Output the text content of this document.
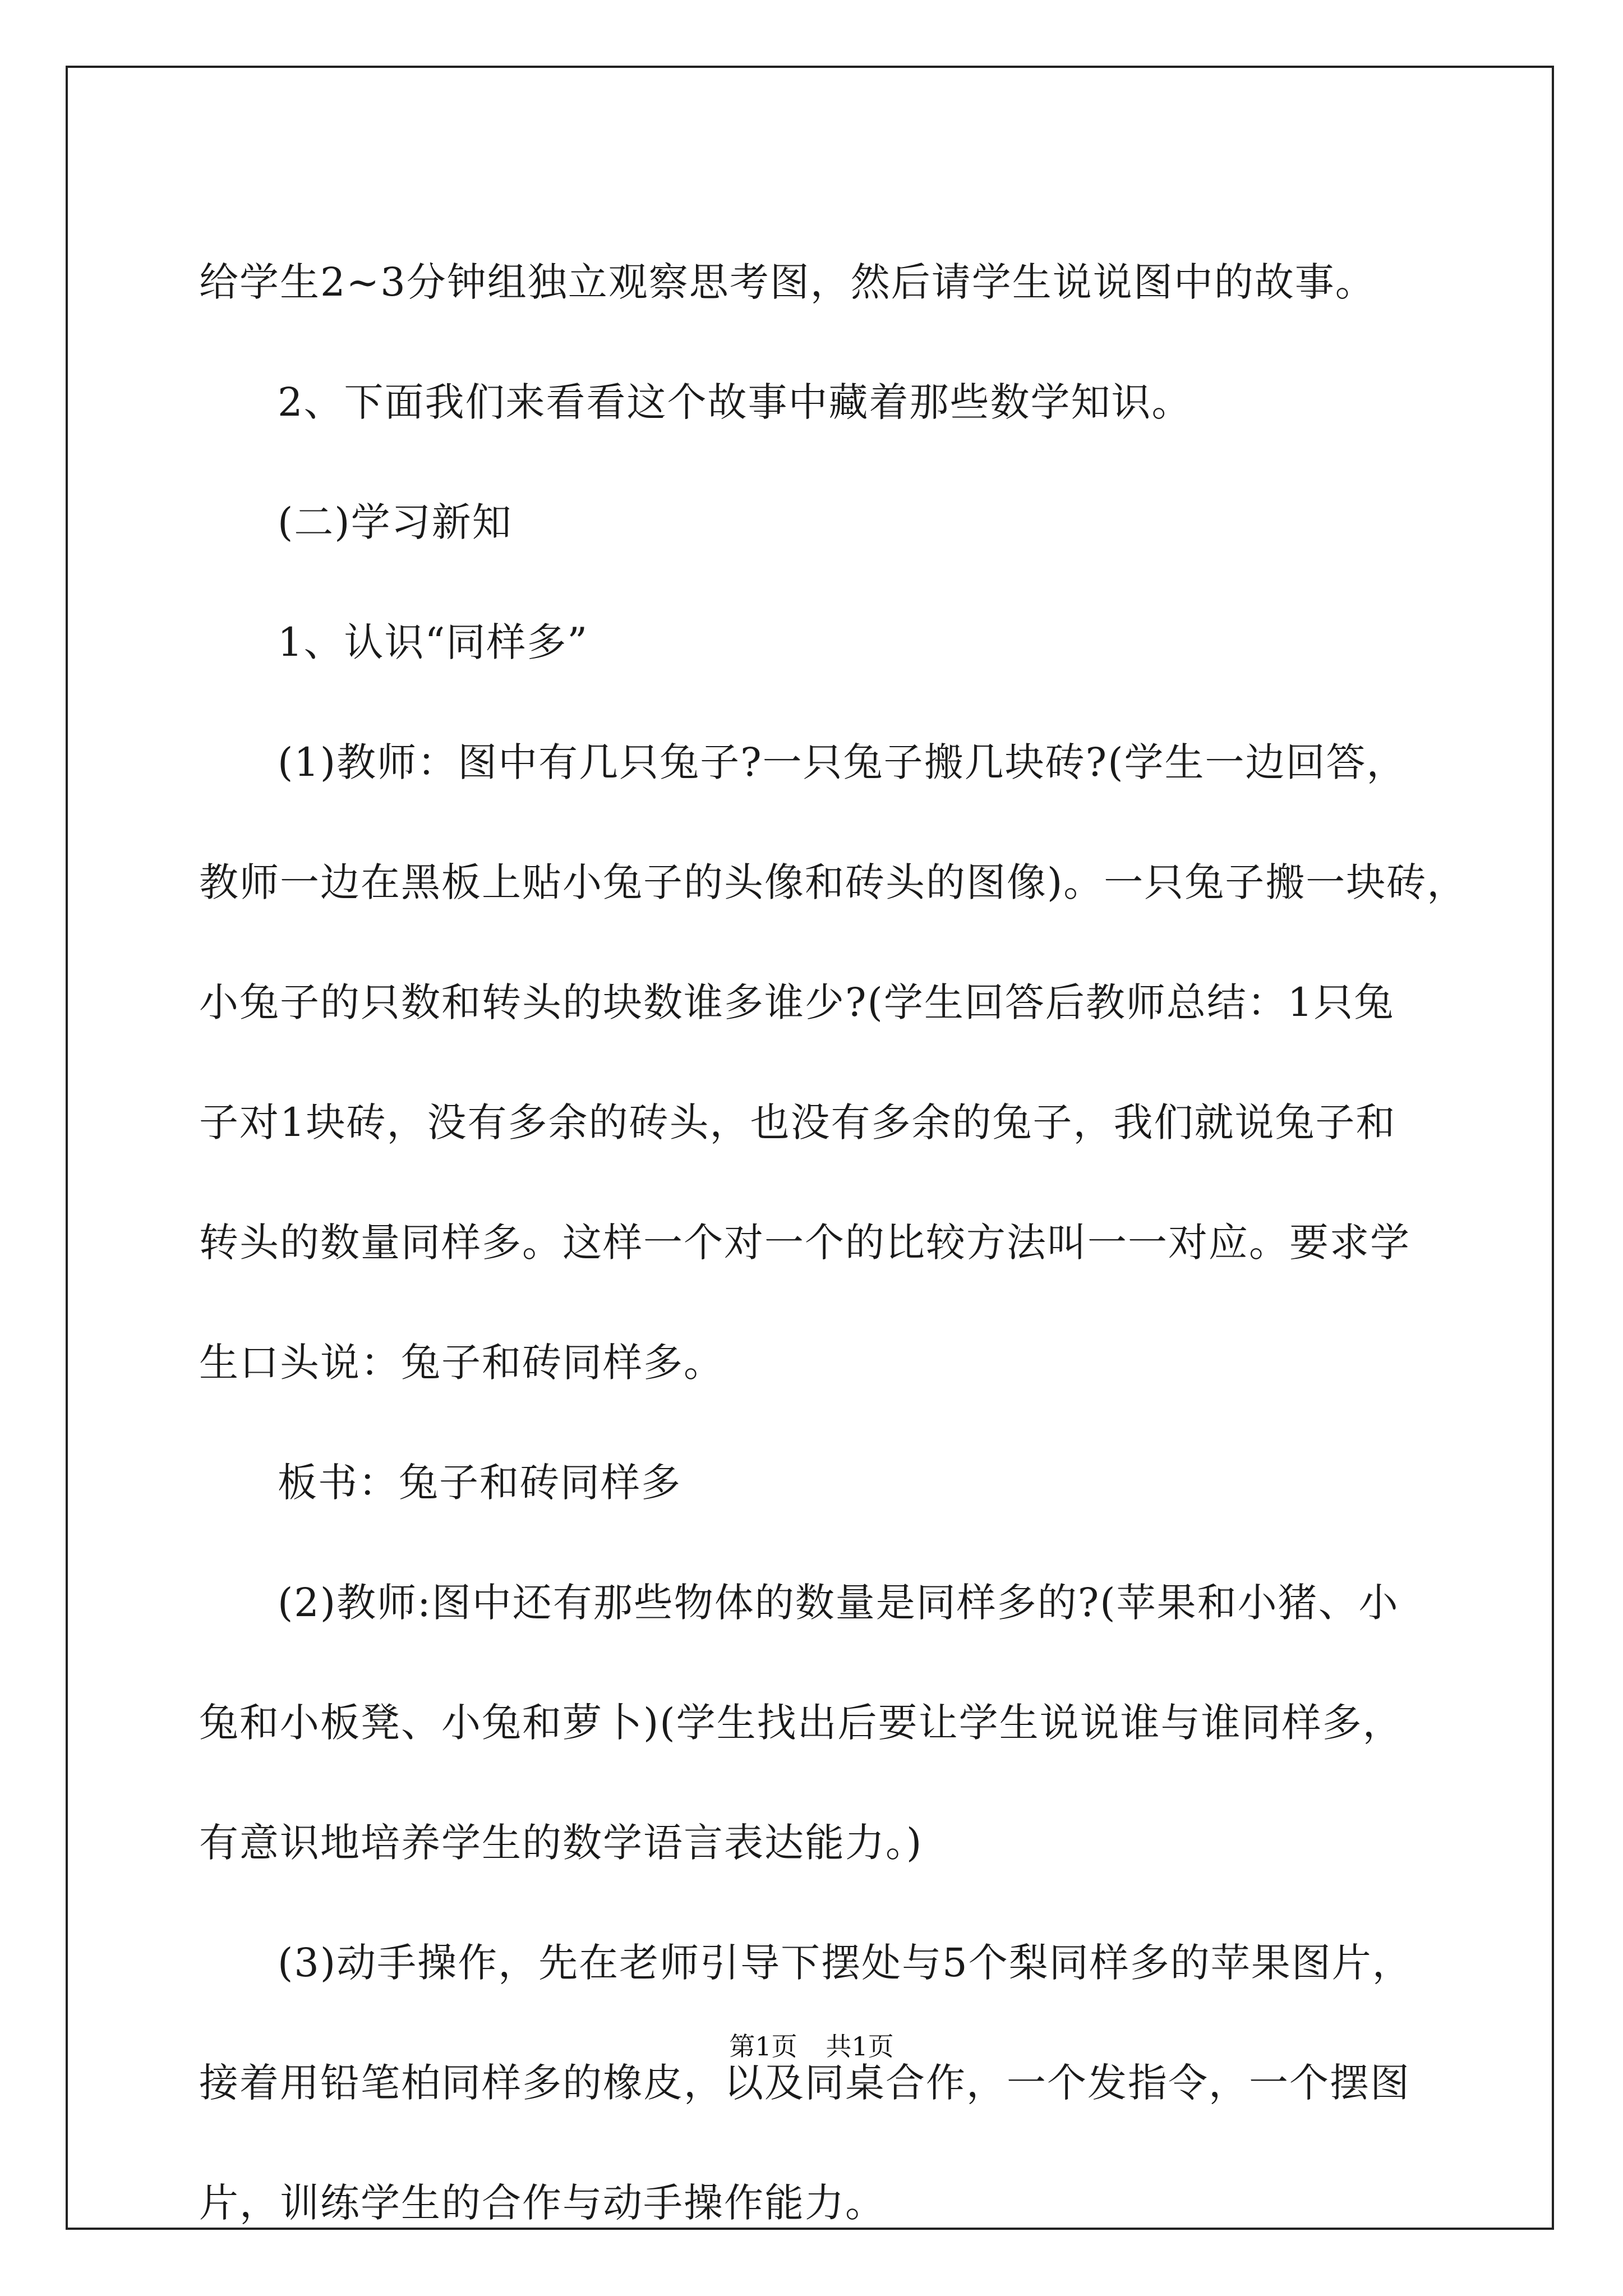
给学生2~3分钟组独立观察思考图，然后请学生说说图中的故事。

2、下面我们来看看这个故事中藏着那些数学知识。

(二)学习新知

1、认识“同样多”

(1)教师：图中有几只兔子?一只兔子搬几块砖?(学生一边回答，

教师一边在黑板上贴小兔子的头像和砖头的图像)。一只兔子搬一块砖，

小兔子的只数和转头的块数谁多谁少?(学生回答后教师总结：1只兔

子对1块砖，没有多余的砖头，也没有多余的兔子，我们就说兔子和

转头的数量同样多。这样一个对一个的比较方法叫一一对应。要求学

生口头说：兔子和砖同样多。

板书：兔子和砖同样多

(2)教师:图中还有那些物体的数量是同样多的?(苹果和小猪、小

兔和小板凳、小兔和萝卜)(学生找出后要让学生说说谁与谁同样多，

有意识地培养学生的数学语言表达能力。)

(3)动手操作，先在老师引导下摆处与5个梨同样多的苹果图片，

接着用铅笔柏同样多的橡皮，以及同桌合作，一个发指令，一个摆图

片，训练学生的合作与动手操作能力。

第1页 共1页
